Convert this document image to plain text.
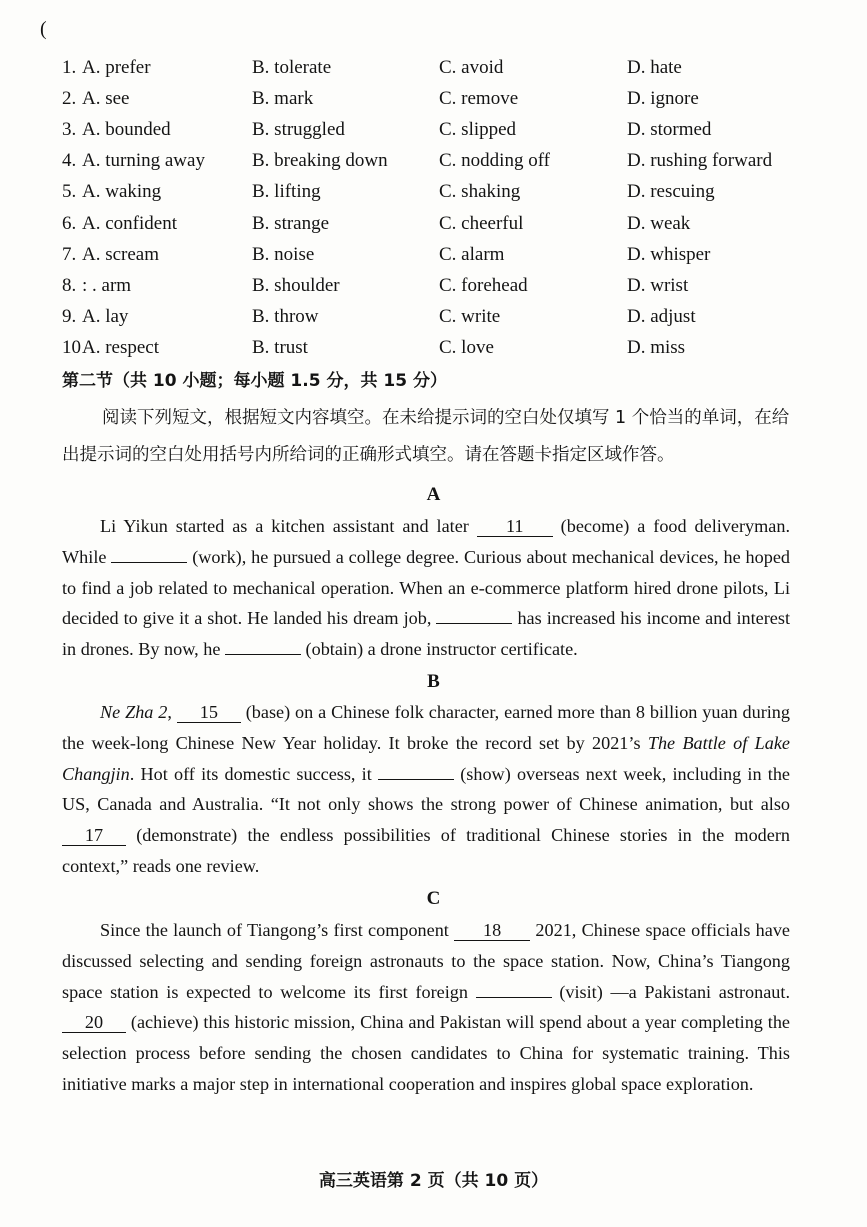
(
1. A. prefer	B. tolerate	C. avoid	D. hate
2. A. see	B. mark	C. remove	D. ignore
3. A. bounded	B. struggled	C. slipped	D. stormed
4. A. turning away	B. breaking down	C. nodding off	D. rushing forward
5. A. waking	B. lifting	C. shaking	D. rescuing
6. A. confident	B. strange	C. cheerful	D. weak
7. A. scream	B. noise	C. alarm	D. whisper
8. : . arm	B. shoulder	C. forehead	D. wrist
9. A. lay	B. throw	C. write	D. adjust
10 A. respect	B. trust	C. love	D. miss
第二节（共 10 小题；每小题 1.5 分，共 15 分）

阅读下列短文，根据短文内容填空。在未给提示词的空白处仅填写 1 个恰当的单词，在给出提示词的空白处用括号内所给词的正确形式填空。请在答题卡指定区域作答。

A

Li Yikun started as a kitchen assistant and later 11 (become) a food deliveryman. While	(work), he pursued a college degree. Curious about mechanical devices, he hoped to find a job related to mechanical operation. When an e-commerce platform hired drone pilots, Li decided to give it a shot. He landed his dream job,	has increased his income and interest in drones. By now, he	(obtain) a drone instructor certificate.

B

Ne Zha 2, 15 (base) on a Chinese folk character, earned more than 8 billion yuan during the week-long Chinese New Year holiday. It broke the record set by 2021’s The Battle of Lake Changjin. Hot off its domestic success, it	(show) overseas next week, including in the US, Canada and Australia. “It not only shows the strong power of Chinese animation, but also 17 (demonstrate) the endless possibilities of traditional Chinese stories in the modern context,” reads one review.

C

Since the launch of Tiangong’s first component 18 2021, Chinese space officials have discussed selecting and sending foreign astronauts to the space station. Now, China’s Tiangong space station is expected to welcome its first foreign	(visit) —a Pakistani astronaut. 20 (achieve) this historic mission, China and Pakistan will spend about a year completing the selection process before sending the chosen candidates to China for systematic training. This initiative marks a major step in international cooperation and inspires global space exploration.

高三英语第 2 页（共 10 页）
